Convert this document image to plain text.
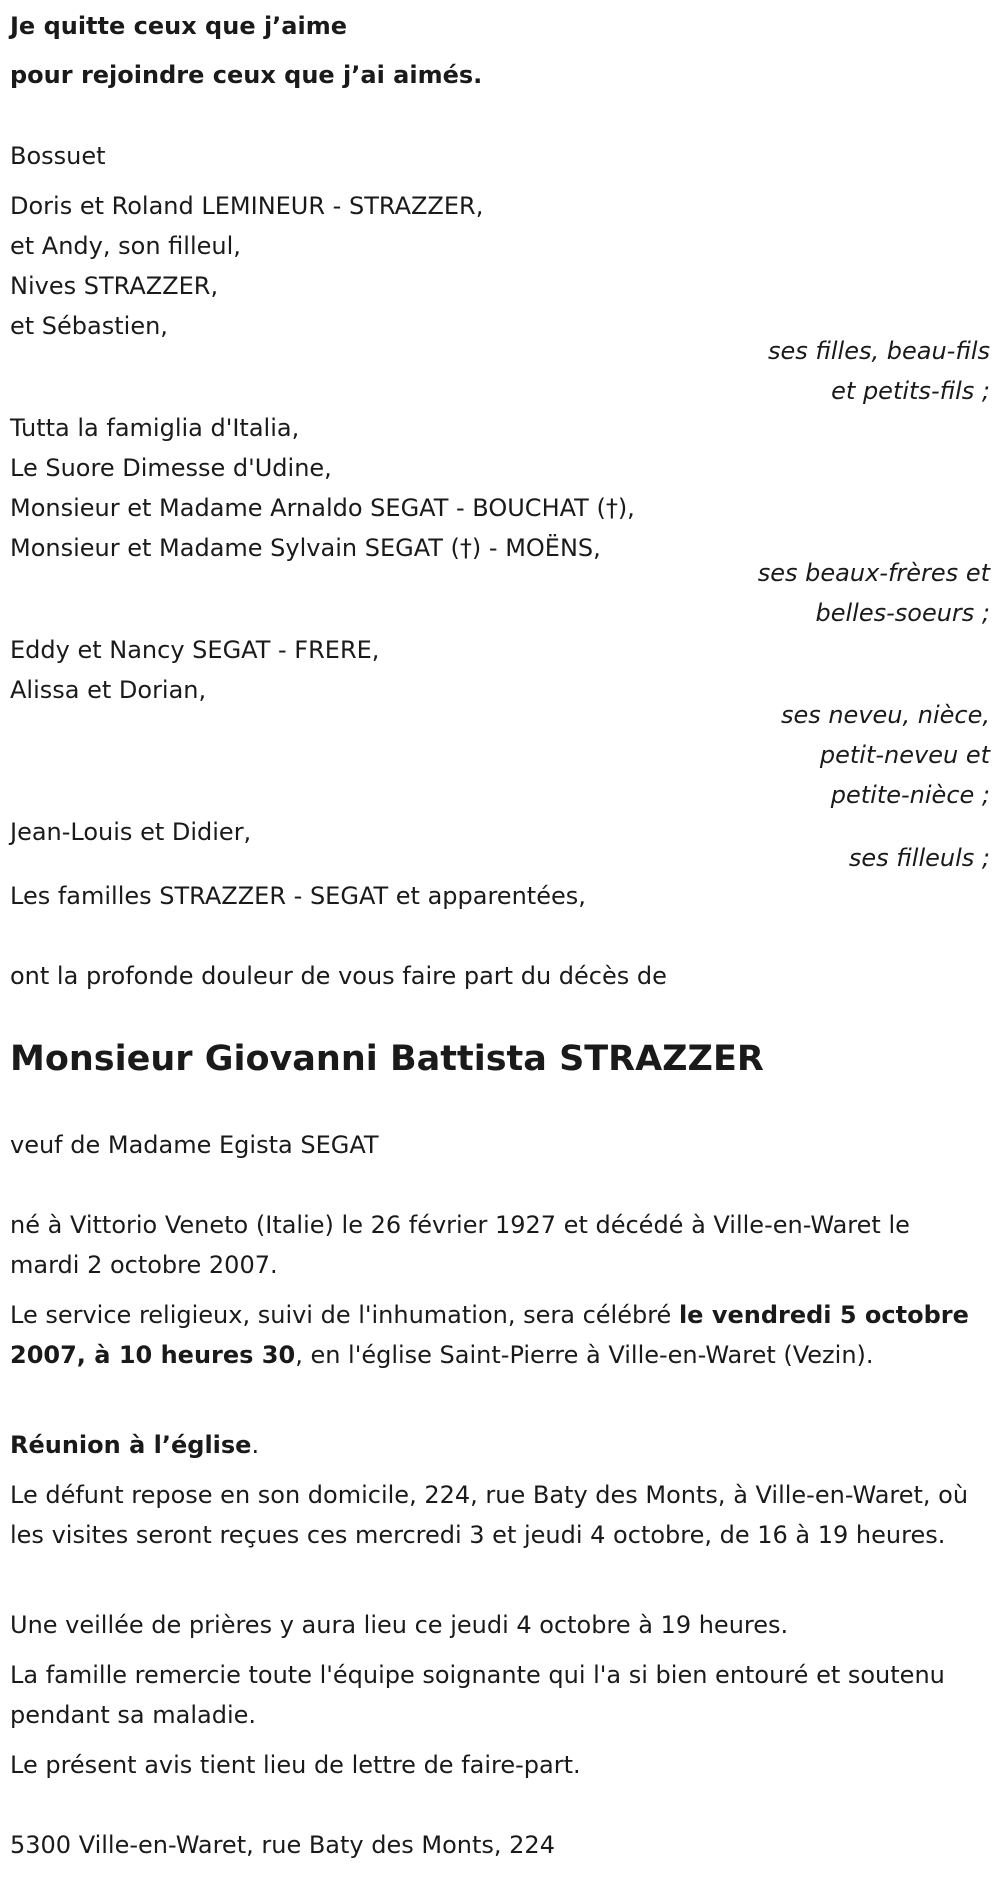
Je quitte ceux que j’aime
pour rejoindre ceux que j’ai aimés.
Bossuet
Doris et Roland LEMINEUR - STRAZZER,
et Andy, son filleul,
Nives STRAZZER,
et Sébastien,
ses filles, beau-fils
et petits-fils ;
Tutta la famiglia d'Italia,
Le Suore Dimesse d'Udine,
Monsieur et Madame Arnaldo SEGAT - BOUCHAT (†),
Monsieur et Madame Sylvain SEGAT (†) - MOËNS,
ses beaux-frères et
belles-soeurs ;
Eddy et Nancy SEGAT - FRERE,
Alissa et Dorian,
ses neveu, nièce,
petit-neveu et
petite-nièce ;
Jean-Louis et Didier,
ses filleuls ;
Les familles STRAZZER - SEGAT et apparentées,
ont la profonde douleur de vous faire part du décès de
Monsieur Giovanni Battista STRAZZER
veuf de Madame Egista SEGAT
né à Vittorio Veneto (Italie) le 26 février 1927 et décédé à Ville-en-Waret le mardi 2 octobre 2007.
Le service religieux, suivi de l'inhumation, sera célébré le vendredi 5 octobre 2007, à 10 heures 30, en l'église Saint-Pierre à Ville-en-Waret (Vezin).
Réunion à l’église.
Le défunt repose en son domicile, 224, rue Baty des Monts, à Ville-en-Waret, où les visites seront reçues ces mercredi 3 et jeudi 4 octobre, de 16 à 19 heures.
Une veillée de prières y aura lieu ce jeudi 4 octobre à 19 heures.
La famille remercie toute l'équipe soignante qui l'a si bien entouré et soutenu pendant sa maladie.
Le présent avis tient lieu de lettre de faire-part.
5300 Ville-en-Waret, rue Baty des Monts, 224
